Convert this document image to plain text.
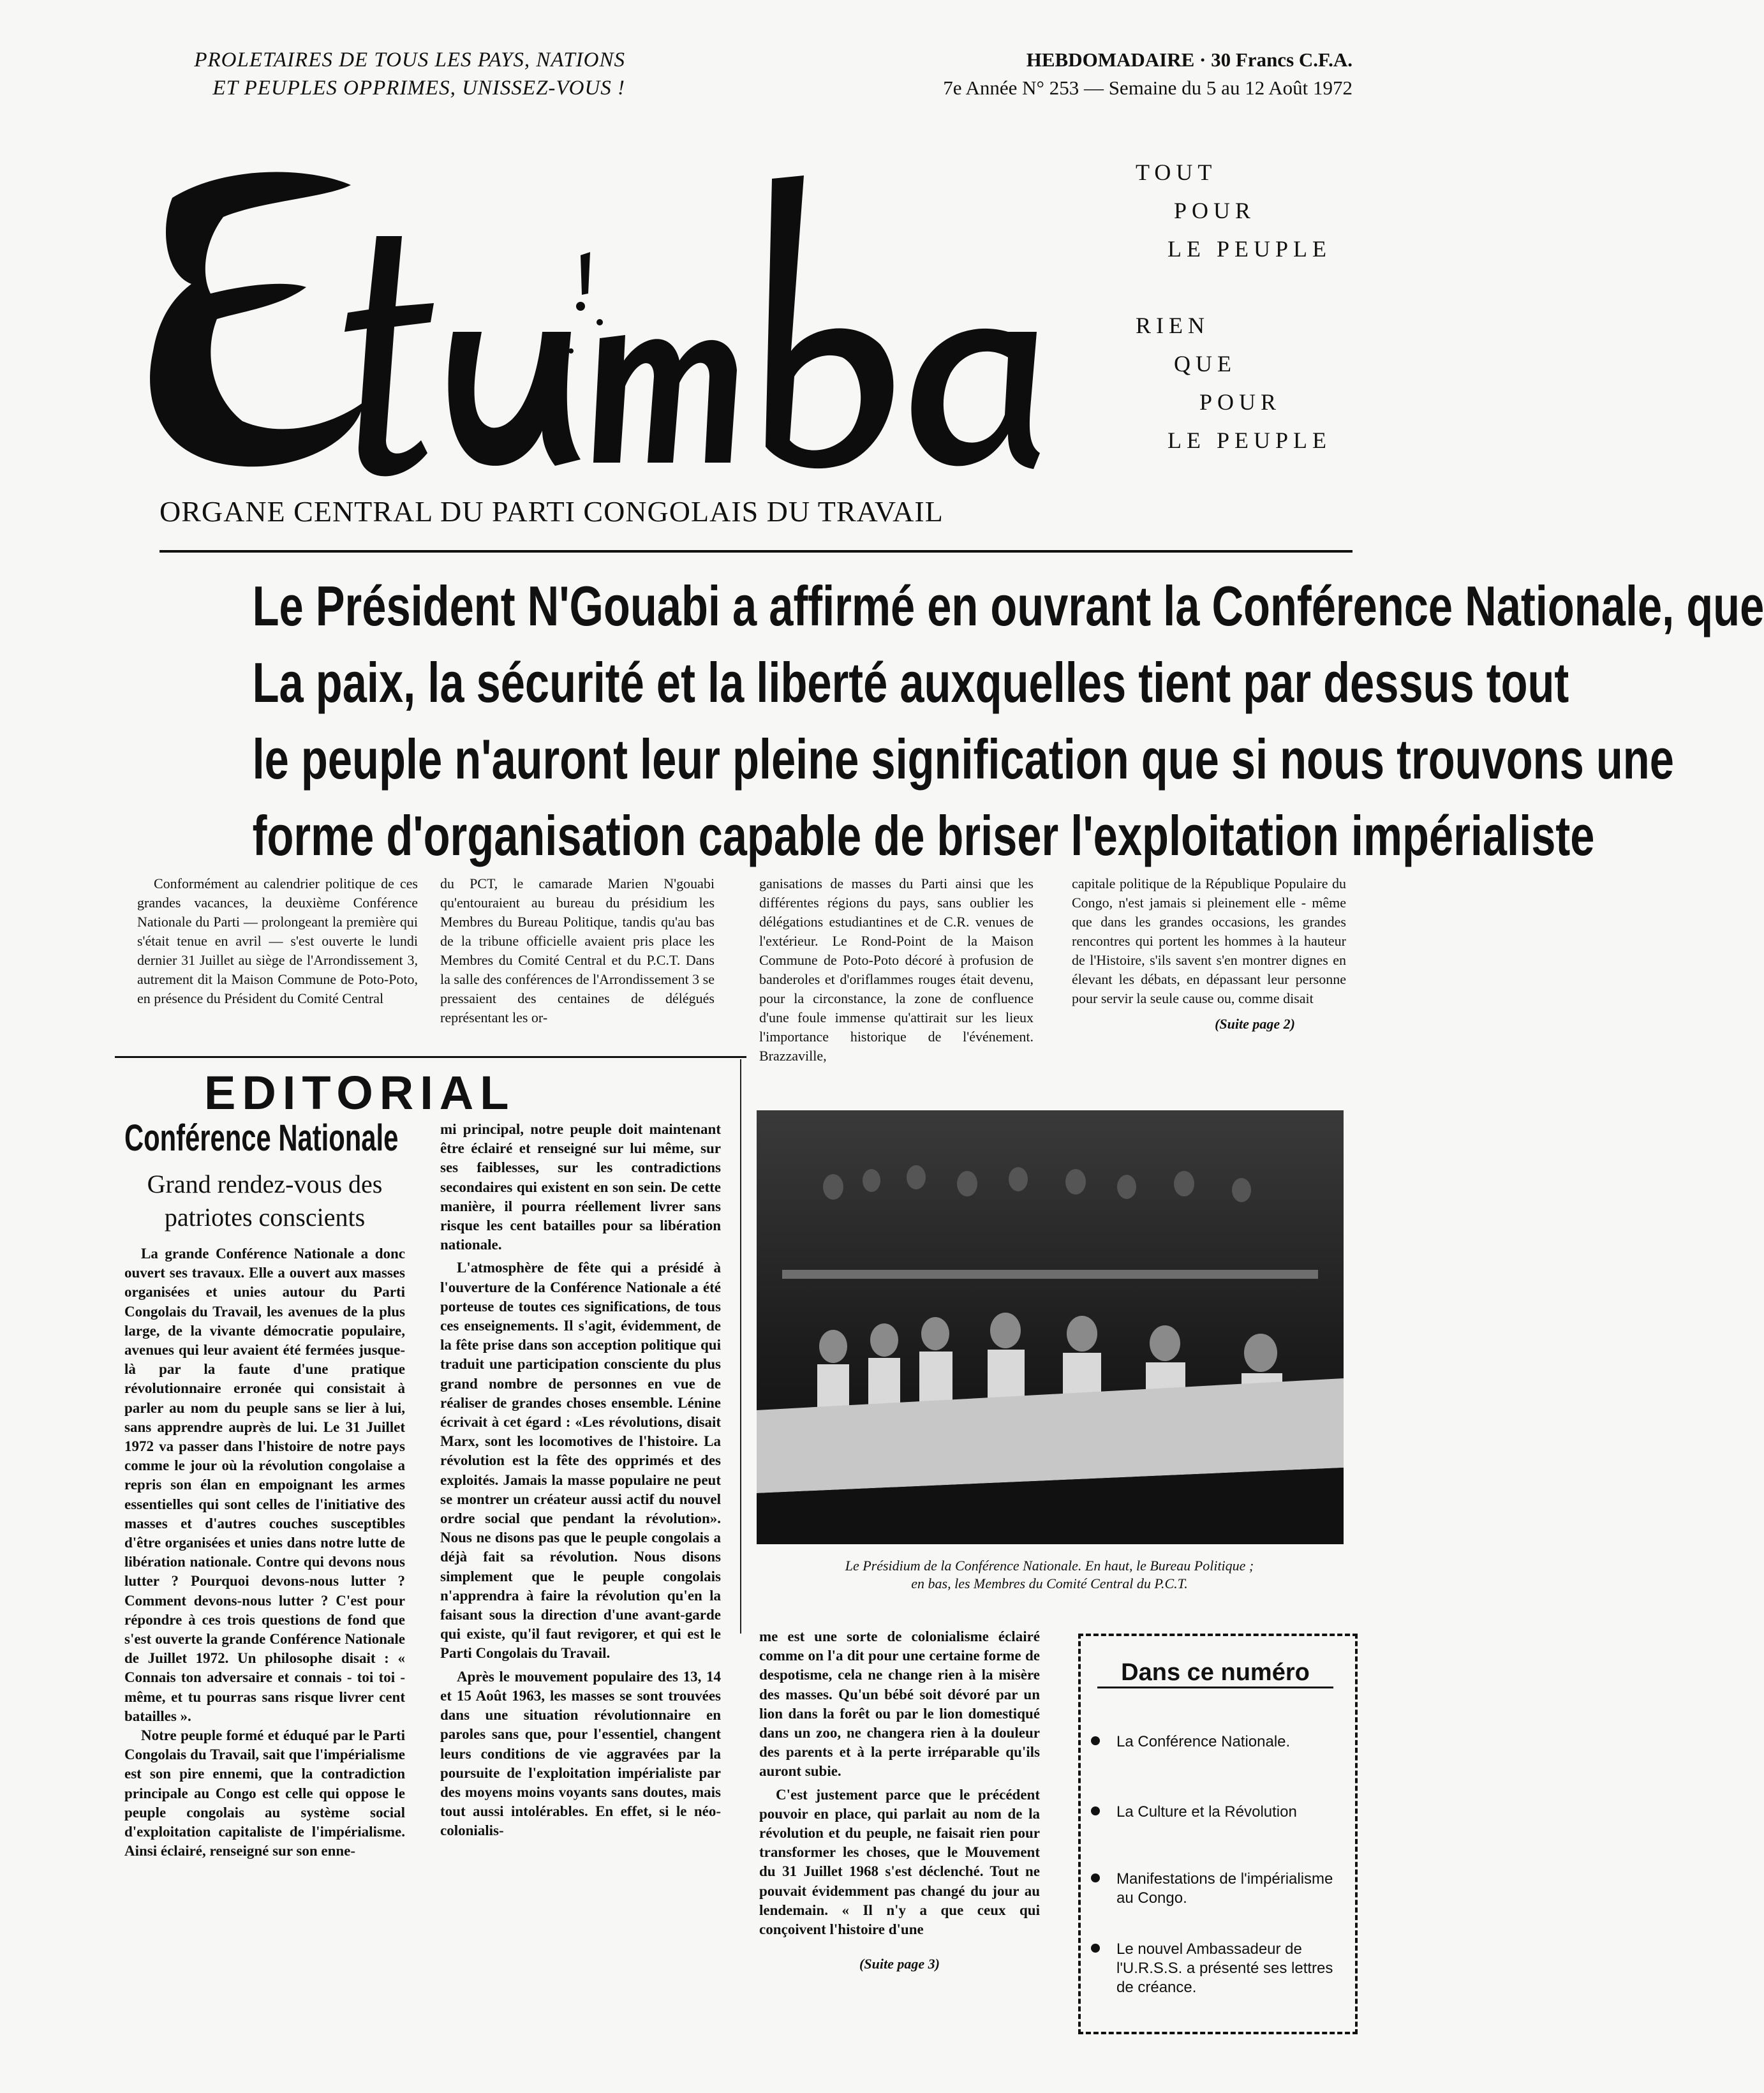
PROLETAIRES DE TOUS LES PAYS, NATIONS
ET PEUPLES OPPRIMES, UNISSEZ-VOUS !
HEBDOMADAIRE · 30 Francs C.F.A.
7e Année N° 253 — Semaine du 5 au 12 Août 1972
TOUT
POUR
LE PEUPLE
RIEN
QUE
POUR
LE PEUPLE
ORGANE CENTRAL DU PARTI CONGOLAIS DU TRAVAIL
Le Président N'Gouabi a affirmé en ouvrant la Conférence Nationale, que
La paix, la sécurité et la liberté auxquelles tient par dessus tout
le peuple n'auront leur pleine signification que si nous trouvons une
forme d'organisation capable de briser l'exploitation impérialiste

Conformément au calendrier politique de ces grandes vacances, la deuxième Conférence Nationale du Parti — prolongeant la première qui s'était tenue en avril — s'est ouverte le lundi dernier 31 Juillet au siège de l'Arrondissement 3, autrement dit la Maison Commune de Poto-Poto, en présence du Président du Comité Central

du PCT, le camarade Marien N'gouabi qu'entouraient au bureau du présidium les Membres du Bureau Politique, tandis qu'au bas de la tribune officielle avaient pris place les Membres du Comité Central et du P.C.T. Dans la salle des conférences de l'Arrondissement 3 se pressaient des centaines de délégués représentant les or-

ganisations de masses du Parti ainsi que les différentes régions du pays, sans oublier les délégations estudiantines et de C.R. venues de l'extérieur. Le Rond-Point de la Maison Commune de Poto-Poto décoré à profusion de banderoles et d'oriflammes rouges était devenu, pour la circonstance, la zone de confluence d'une foule immense qu'attirait sur les lieux l'importance historique de l'événement. Brazzaville,

capitale politique de la République Populaire du Congo, n'est jamais si pleinement elle - même que dans les grandes occasions, les grandes rencontres qui portent les hommes à la hauteur de l'Histoire, s'ils savent s'en montrer dignes en élevant les débats, en dépassant leur personne pour servir la seule cause ou, comme disait

(Suite page 2)
EDITORIAL
Conférence Nationale
Grand rendez-vous des patriotes conscients

La grande Conférence Nationale a donc ouvert ses travaux. Elle a ouvert aux masses organisées et unies autour du Parti Congolais du Travail, les avenues de la plus large, de la vivante démocratie populaire, avenues qui leur avaient été fermées jusque-là par la faute d'une pratique révolutionnaire erronée qui consistait à parler au nom du peuple sans se lier à lui, sans apprendre auprès de lui. Le 31 Juillet 1972 va passer dans l'histoire de notre pays comme le jour où la révolution congolaise a repris son élan en empoignant les armes essentielles qui sont celles de l'initiative des masses et d'autres couches susceptibles d'être organisées et unies dans notre lutte de libération nationale. Contre qui devons nous lutter ? Pourquoi devons-nous lutter ? Comment devons-nous lutter ? C'est pour répondre à ces trois questions de fond que s'est ouverte la grande Conférence Nationale de Juillet 1972. Un philosophe disait : « Connais ton adversaire et connais - toi toi - même, et tu pourras sans risque livrer cent batailles ».

Notre peuple formé et éduqué par le Parti Congolais du Travail, sait que l'impérialisme est son pire ennemi, que la contradiction principale au Congo est celle qui oppose le peuple congolais au système social d'exploitation capitaliste de l'impérialisme. Ainsi éclairé, renseigné sur son enne-

mi principal, notre peuple doit maintenant être éclairé et renseigné sur lui même, sur ses faiblesses, sur les contradictions secondaires qui existent en son sein. De cette manière, il pourra réellement livrer sans risque les cent batailles pour sa libération nationale.

L'atmosphère de fête qui a présidé à l'ouverture de la Conférence Nationale a été porteuse de toutes ces significations, de tous ces enseignements. Il s'agit, évidemment, de la fête prise dans son acception politique qui traduit une participation consciente du plus grand nombre de personnes en vue de réaliser de grandes choses ensemble. Lénine écrivait à cet égard : «Les révolutions, disait Marx, sont les locomotives de l'histoire. La révolution est la fête des opprimés et des exploités. Jamais la masse populaire ne peut se montrer un créateur aussi actif du nouvel ordre social que pendant la révolution». Nous ne disons pas que le peuple congolais a déjà fait sa révolution. Nous disons simplement que le peuple congolais n'apprendra à faire la révolution qu'en la faisant sous la direction d'une avant-garde qui existe, qu'il faut revigorer, et qui est le Parti Congolais du Travail.

Après le mouvement populaire des 13, 14 et 15 Août 1963, les masses se sont trouvées dans une situation révolutionnaire en paroles sans que, pour l'essentiel, changent leurs conditions de vie aggravées par la poursuite de l'exploitation impérialiste par des moyens moins voyants sans doutes, mais tout aussi intolérables. En effet, si le néo-colonialis-

me est une sorte de colonialisme éclairé comme on l'a dit pour une certaine forme de despotisme, cela ne change rien à la misère des masses. Qu'un bébé soit dévoré par un lion dans la forêt ou par le lion domestiqué dans un zoo, ne changera rien à la douleur des parents et à la perte irréparable qu'ils auront subie.

C'est justement parce que le précédent pouvoir en place, qui parlait au nom de la révolution et du peuple, ne faisait rien pour transformer les choses, que le Mouvement du 31 Juillet 1968 s'est déclenché. Tout ne pouvait évidemment pas changé du jour au lendemain. « Il n'y a que ceux qui conçoivent l'histoire d'une

(Suite page 3)
Le Présidium de la Conférence Nationale. En haut, le Bureau Politique ;
en bas, les Membres du Comité Central du P.C.T.
Dans ce numéro
La Conférence Nationale.
La Culture et la Révolution
Manifestations de l'impérialisme au Congo.
Le nouvel Ambassadeur de l'U.R.S.S. a présenté ses lettres de créance.
